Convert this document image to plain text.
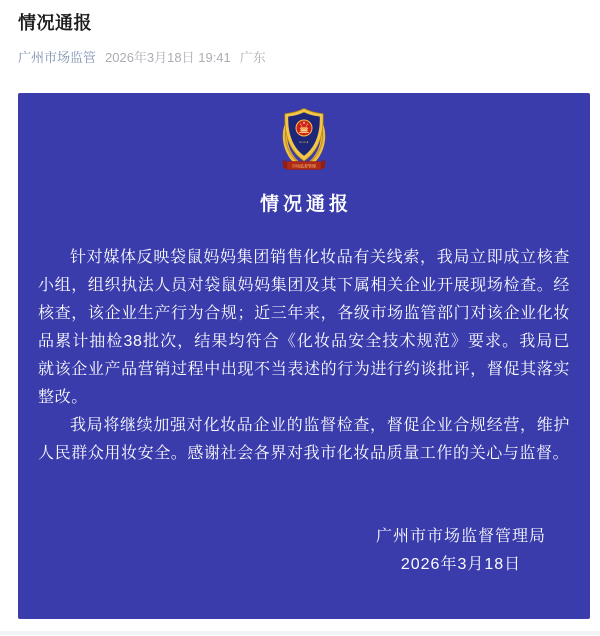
情况通报
广州市场监管 2026年3月18日 19:41 广东
●▪▪▪▪●
市场监督管理
情况通报

针对媒体反映袋鼠妈妈集团销售化妆品有关线索，我局立即成立核查小组，组织执法人员对袋鼠妈妈集团及其下属相关企业开展现场检查。经核查，该企业生产行为合规；近三年来，各级市场监管部门对该企业化妆品累计抽检38批次，结果均符合《化妆品安全技术规范》要求。我局已就该企业产品营销过程中出现不当表述的行为进行约谈批评，督促其落实整改。

我局将继续加强对化妆品企业的监督检查，督促企业合规经营，维护人民群众用妆安全。感谢社会各界对我市化妆品质量工作的关心与监督。

广州市市场监督管理局
2026年3月18日
